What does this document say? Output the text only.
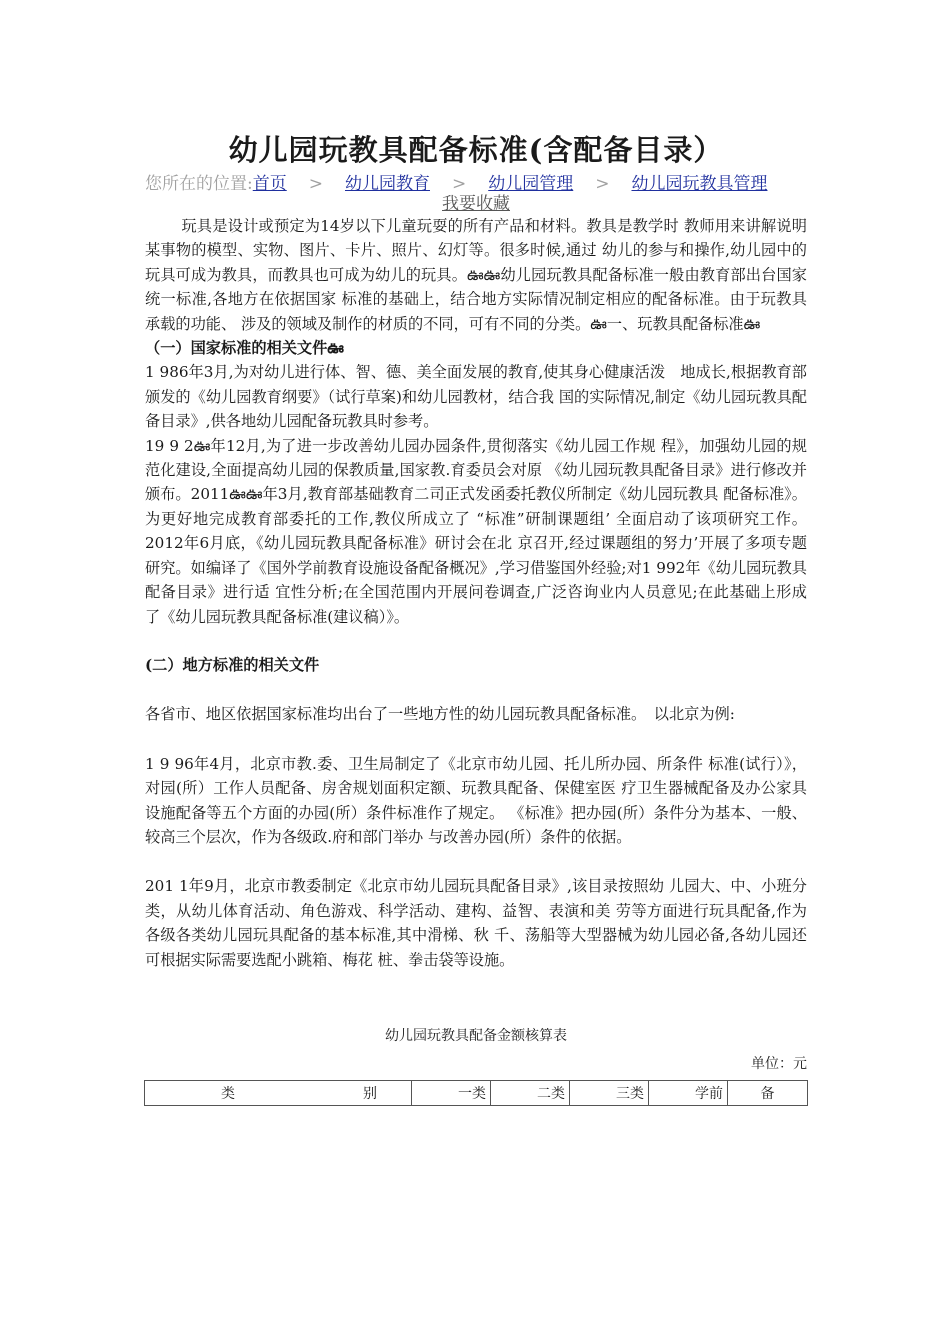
幼儿园玩教具配备标准(含配备目录）
您所在的位置:首页 > 幼儿园教育 > 幼儿园管理 > 幼儿园玩教具管理
我要收藏

玩具是设计或预定为14岁以下儿童玩耍的所有产品和材料。教具是教学时 教师用来讲解说明某事物的模型、实物、图片、卡片、照片、幻灯等。很多时候,通过 幼儿的参与和操作,幼儿园中的玩具可成为教具，而教具也可成为幼儿的玩具。ఊఊ幼儿园玩教具配备标准一般由教育部出台国家统一标准,各地方在依据国家 标准的基础上，结合地方实际情况制定相应的配备标准。由于玩教具承载的功能、 涉及的领域及制作的材质的不同，可有不同的分类。ఊ一、玩教具配备标准ఊ

（一）国家标准的相关文件ఊ

1 986年3月,为对幼儿进行体、智、德、美全面发展的教育,使其身心健康活泼　地成长,根据教育部颁发的《幼儿园教育纲要》（试行草案)和幼儿园教材，结合我 国的实际情况,制定《幼儿园玩教具配备目录》,供各地幼儿园配备玩教具时参考。

19 9 2ఊ年12月,为了进一步改善幼儿园办园条件,贯彻落实《幼儿园工作规 程》，加强幼儿园的规范化建设,全面提高幼儿园的保教质量,国家教.育委员会对原 《幼儿园玩教具配备目录》进行修改并颁布。2011ఊఊ年3月,教育部基础教育二司正式发函委托教仪所制定《幼儿园玩教具 配备标准》。为更好地完成教育部委托的工作,教仪所成立了 “标准”研制课题组’ 全面启动了该项研究工作。2012年6月底，《幼儿园玩教具配备标准》研讨会在北 京召开,经过课题组的努力’开展了多项专题研究。如编译了《国外学前教育设施设备配备概况》,学习借鉴国外经验;对1 992年《幼儿园玩教具配备目录》进行适 宜性分析;在全国范围内开展问卷调查,广泛咨询业内人员意见;在此基础上形成　了《幼儿园玩教具配备标准(建议稿）》。

(二）地方标准的相关文件

各省市、地区依据国家标准均出台了一些地方性的幼儿园玩教具配备标准。　以北京为例:

1 9 96年4月，北京市教.委、卫生局制定了《北京市幼儿园、托儿所办园、所条件 标准(试行）》，对园(所）工作人员配备、房舍规划面积定额、玩教具配备、保健室医 疗卫生器械配备及办公家具设施配备等五个方面的办园(所）条件标准作了规定。 《标准》把办园(所）条件分为基本、一般、较高三个层次，作为各级政.府和部门举办 与改善办园(所）条件的依据。

201 1年9月，北京市教委制定《北京市幼儿园玩具配备目录》,该目录按照幼 儿园大、中、小班分类，从幼儿体育活动、角色游戏、科学活动、建构、益智、表演和美 劳等方面进行玩具配备,作为各级各类幼儿园玩具配备的基本标准,其中滑梯、秋 千、荡船等大型器械为幼儿园必备,各幼儿园还可根据实际需要选配小跳箱、梅花 桩、拳击袋等设施。

幼儿园玩教具配备金额核算表
单位：元
类	别	一类	二类	三类	学前	备
